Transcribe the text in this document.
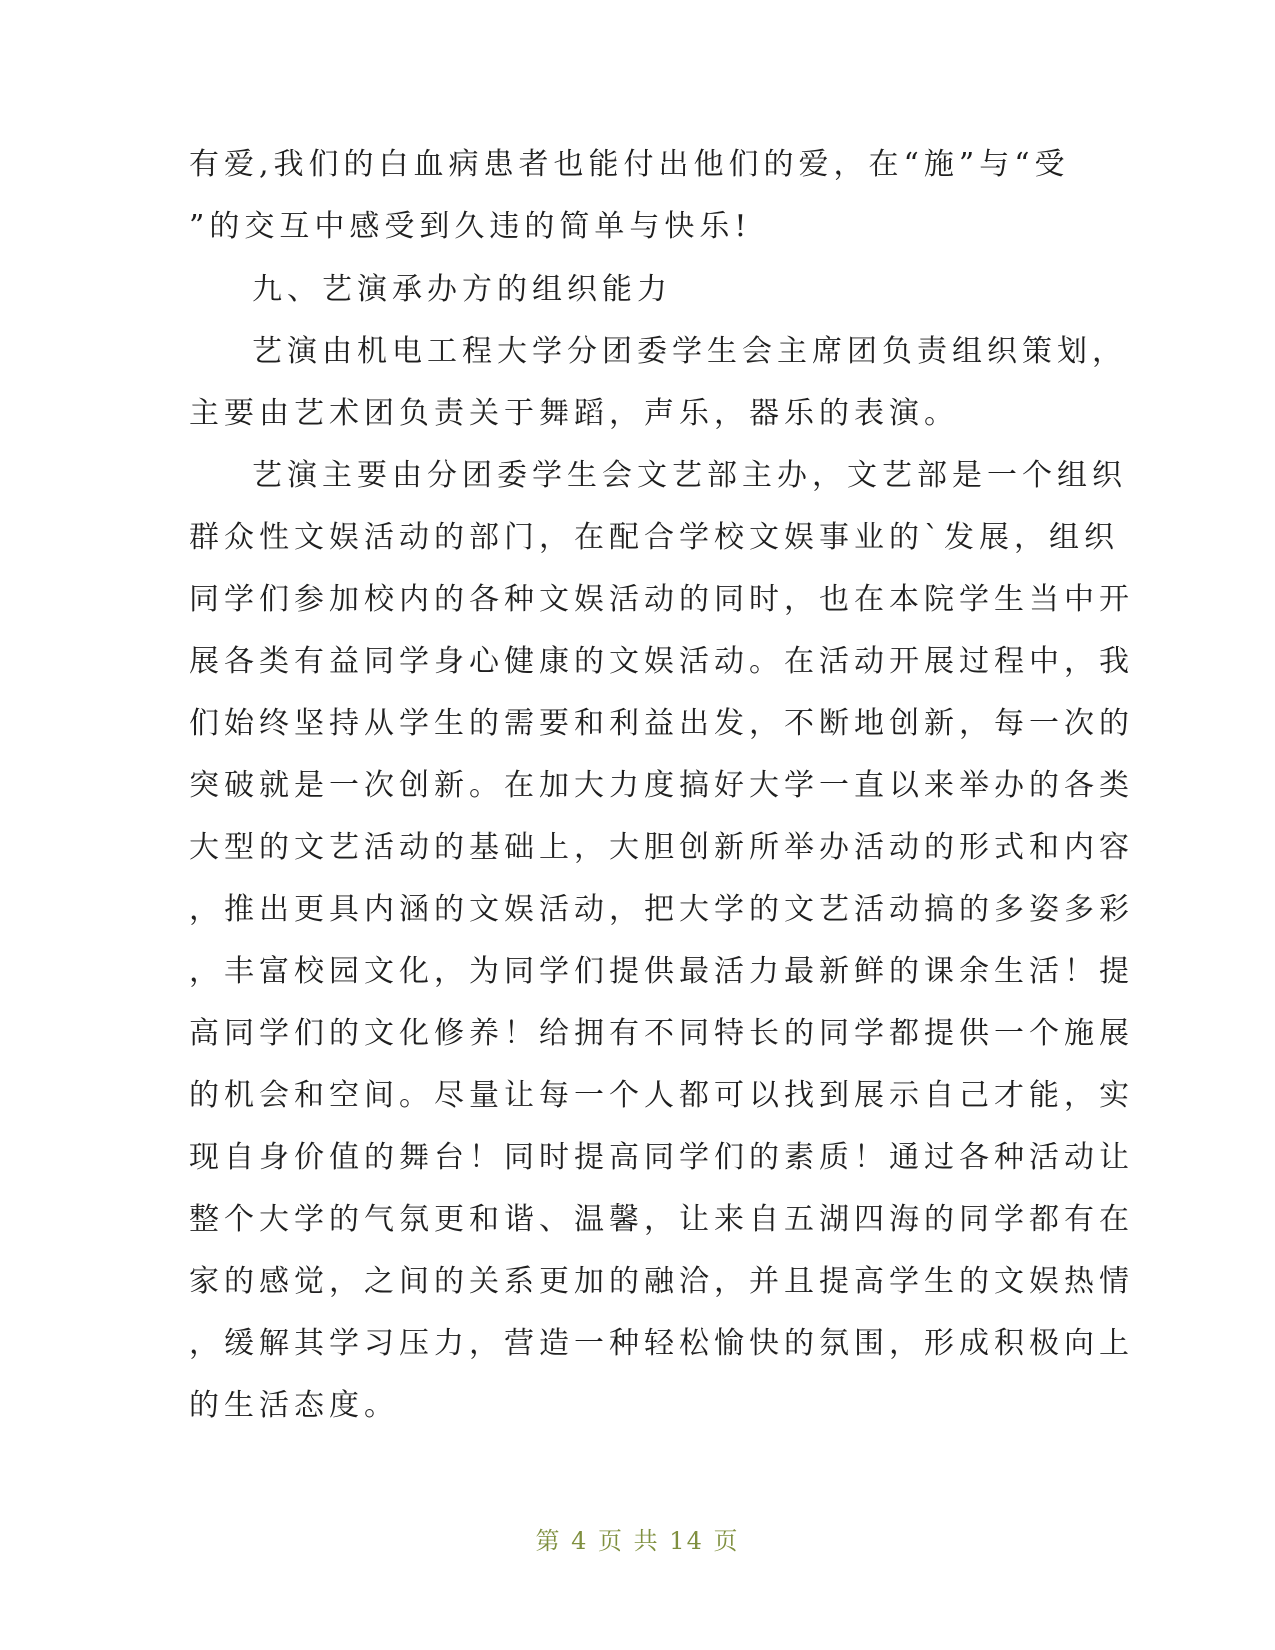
有爱,我们的白血病患者也能付出他们的爱，在“施”与“受
”的交互中感受到久违的简单与快乐!
九、艺演承办方的组织能力
艺演由机电工程大学分团委学生会主席团负责组织策划，
主要由艺术团负责关于舞蹈，声乐，器乐的表演。
艺演主要由分团委学生会文艺部主办，文艺部是一个组织
群众性文娱活动的部门，在配合学校文娱事业的`发展，组织
同学们参加校内的各种文娱活动的同时，也在本院学生当中开
展各类有益同学身心健康的文娱活动。在活动开展过程中，我
们始终坚持从学生的需要和利益出发，不断地创新，每一次的
突破就是一次创新。在加大力度搞好大学一直以来举办的各类
大型的文艺活动的基础上，大胆创新所举办活动的形式和内容
，推出更具内涵的文娱活动，把大学的文艺活动搞的多姿多彩
，丰富校园文化，为同学们提供最活力最新鲜的课余生活！提
高同学们的文化修养！给拥有不同特长的同学都提供一个施展
的机会和空间。尽量让每一个人都可以找到展示自己才能，实
现自身价值的舞台！同时提高同学们的素质！通过各种活动让
整个大学的气氛更和谐、温馨，让来自五湖四海的同学都有在
家的感觉，之间的关系更加的融洽，并且提高学生的文娱热情
，缓解其学习压力，营造一种轻松愉快的氛围，形成积极向上
的生活态度。
第 4 页 共 14 页
